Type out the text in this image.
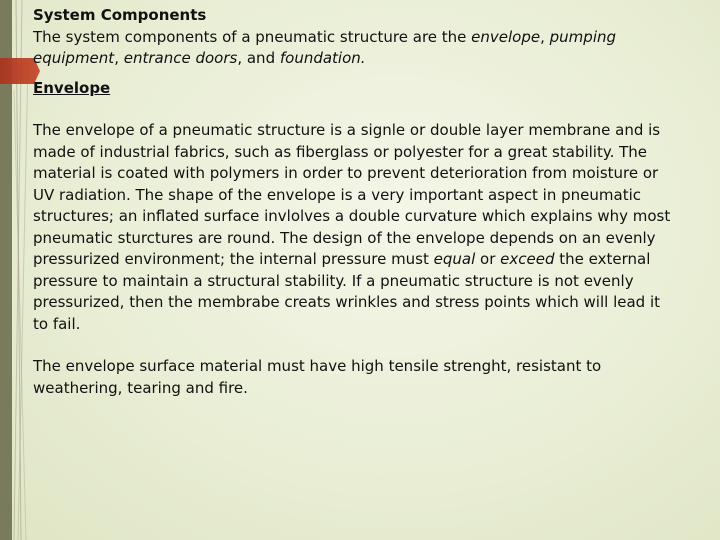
System Components

The system components of a pneumatic structure are the envelope, pumping equipment, entrance doors, and foundation.

Envelope

The envelope of a pneumatic structure is a signle or double layer membrane and is made of industrial fabrics, such as fiberglass or polyester for a great stability. The material is coated with polymers in order to prevent deterioration from moisture or UV radiation. The shape of the envelope is a very important aspect in pneumatic structures; an inflated surface invlolves a double curvature which explains why most pneumatic sturctures are round. The design of the envelope depends on an evenly pressurized environment; the internal pressure must equal or exceed the external pressure to maintain a structural stability. If a pneumatic structure is not evenly pressurized, then the membrabe creats wrinkles and stress points which will lead it to fail.

The envelope surface material must have high tensile strenght, resistant to weathering, tearing and fire.
